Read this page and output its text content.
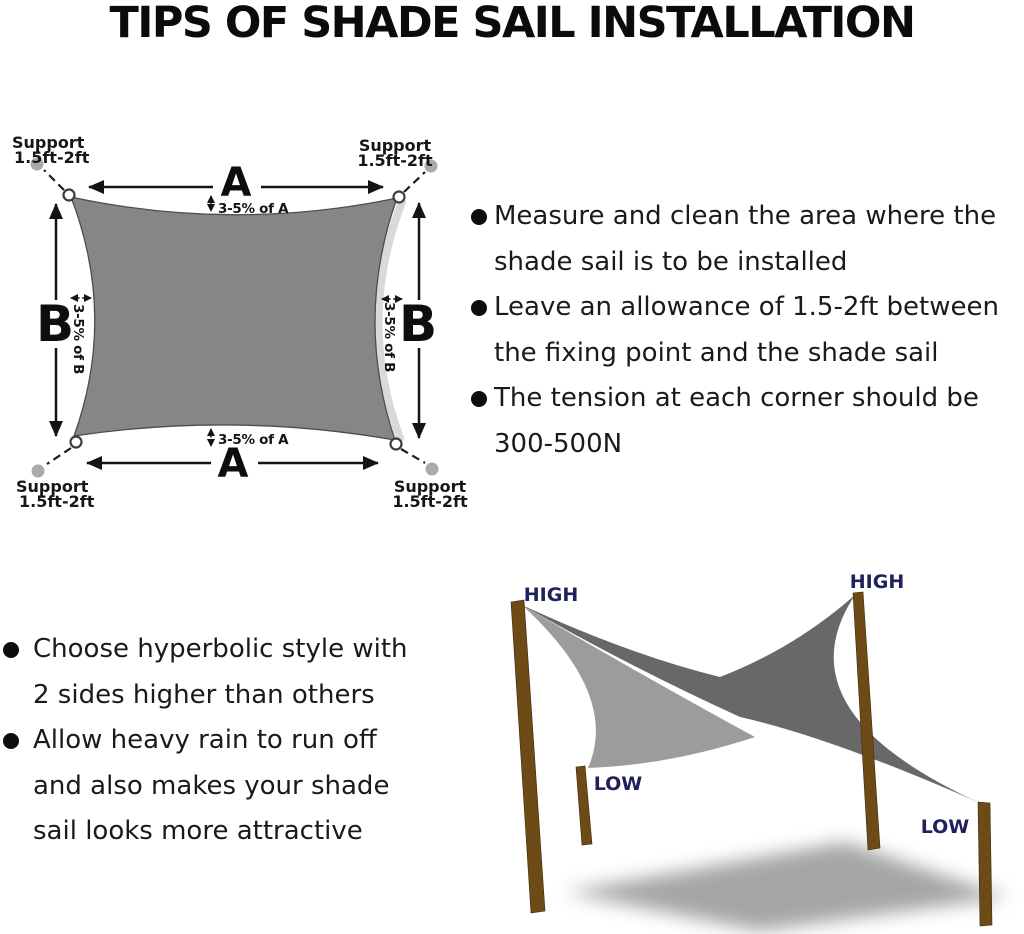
TIPS OF SHADE SAIL INSTALLATION
Support
1.5ft-2ft
Support
1.5ft-2ft
Support
1.5ft-2ft
Support
1.5ft-2ft
A
3-5% of A
A
3-5% of A
B
3-5% of B	B
3-5% of B
Measure and clean the area where the
shade sail is to be installed
Leave an allowance of 1.5-2ft between
the fixing point and the shade sail
The tension at each corner should be
300-500N
Choose hyperbolic style with
2 sides higher than others
Allow heavy rain to run off
and also makes your shade
sail looks more attractive
HIGH
HIGH
LOW
LOW
